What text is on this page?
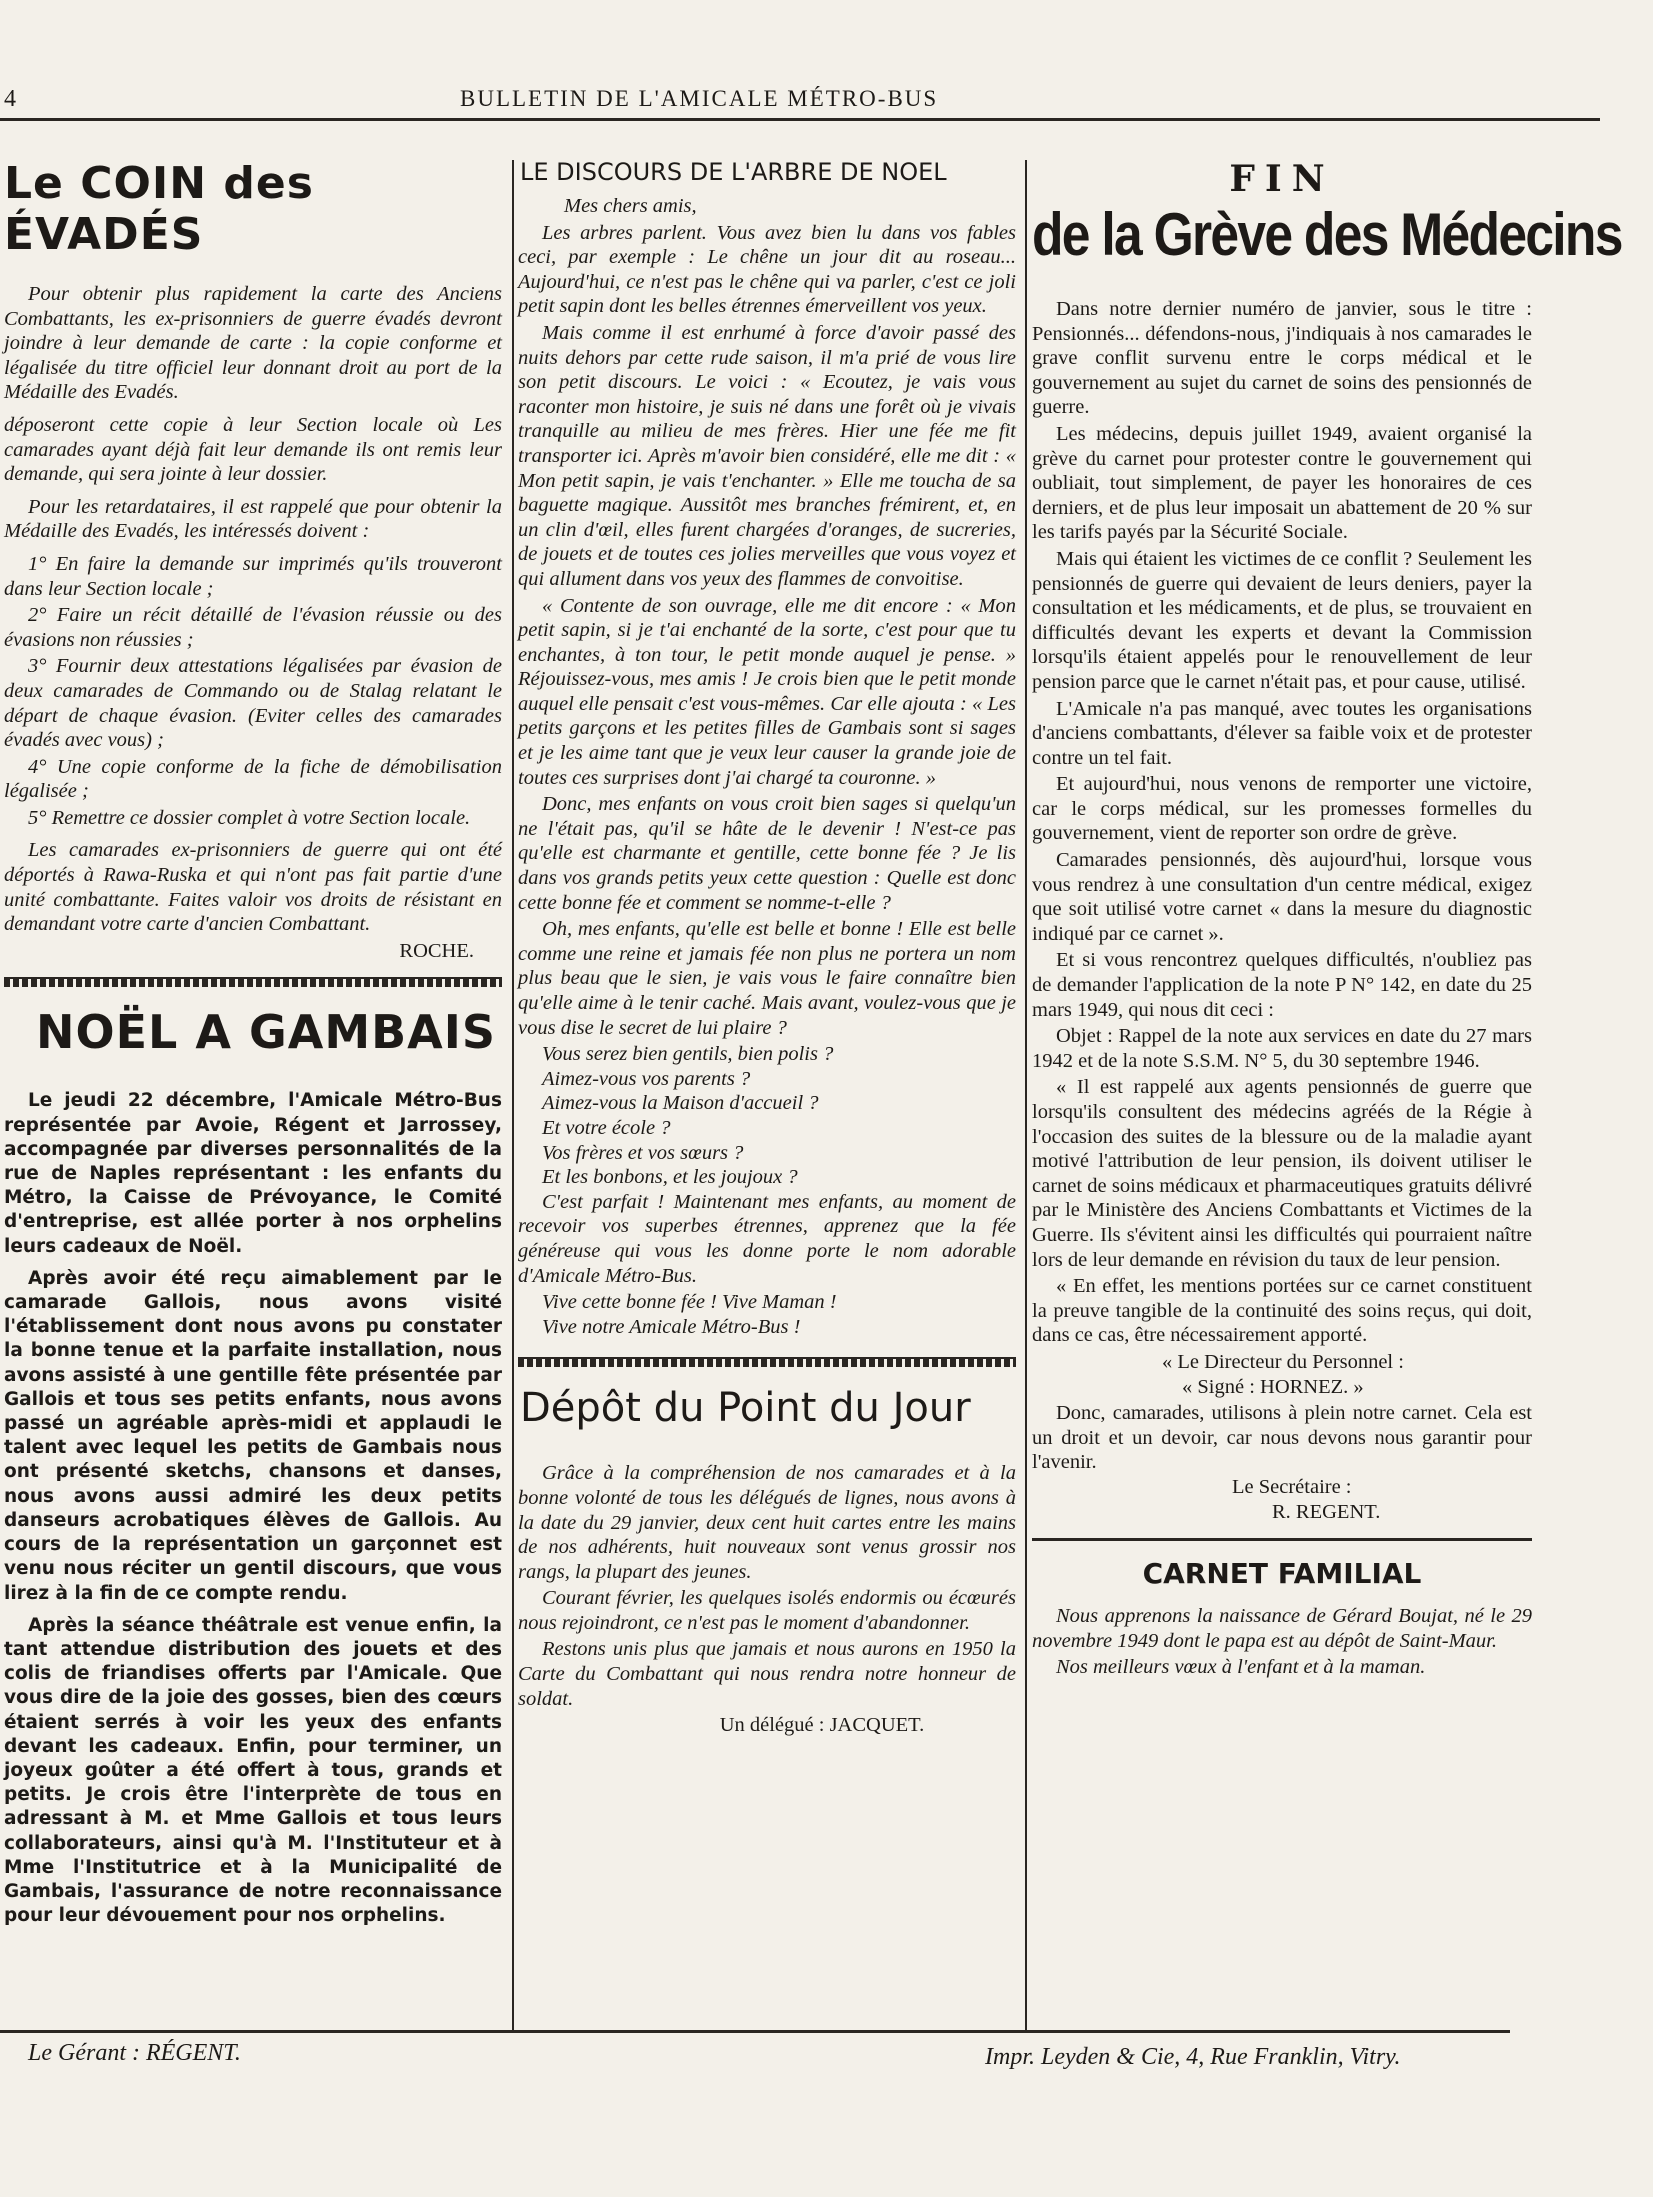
4	BULLETIN DE L'AMICALE MÉTRO-BUS
Le COIN des ÉVADÉS

Pour obtenir plus rapidement la carte des Anciens Combattants, les ex-prisonniers de guerre évadés devront joindre à leur demande de carte : la copie conforme et légalisée du titre officiel leur donnant droit au port de la Médaille des Evadés.

déposeront cette copie à leur Section locale où Les camarades ayant déjà fait leur demande ils ont remis leur demande, qui sera jointe à leur dossier.

Pour les retardataires, il est rappelé que pour obtenir la Médaille des Evadés, les intéressés doivent :

1° En faire la demande sur imprimés qu'ils trouveront dans leur Section locale ;

2° Faire un récit détaillé de l'évasion réussie ou des évasions non réussies ;

3° Fournir deux attestations légalisées par évasion de deux camarades de Commando ou de Stalag relatant le départ de chaque évasion. (Eviter celles des camarades évadés avec vous) ;

4° Une copie conforme de la fiche de démobilisation légalisée ;

5° Remettre ce dossier complet à votre Section locale.

Les camarades ex-prisonniers de guerre qui ont été déportés à Rawa-Ruska et qui n'ont pas fait partie d'une unité combattante. Faites valoir vos droits de résistant en demandant votre carte d'ancien Combattant.

ROCHE.

NOËL A GAMBAIS

Le jeudi 22 décembre, l'Amicale Métro-Bus représentée par Avoie, Régent et Jarrossey, accompagnée par diverses personnalités de la rue de Naples représentant : les enfants du Métro, la Caisse de Prévoyance, le Comité d'entreprise, est allée porter à nos orphelins leurs cadeaux de Noël.

Après avoir été reçu aimablement par le camarade Gallois, nous avons visité l'établissement dont nous avons pu constater la bonne tenue et la parfaite installation, nous avons assisté à une gentille fête présentée par Gallois et tous ses petits enfants, nous avons passé un agréable après-midi et applaudi le talent avec lequel les petits de Gambais nous ont présenté sketchs, chansons et danses, nous avons aussi admiré les deux petits danseurs acrobatiques élèves de Gallois. Au cours de la représentation un garçonnet est venu nous réciter un gentil discours, que vous lirez à la fin de ce compte rendu.

Après la séance théâtrale est venue enfin, la tant attendue distribution des jouets et des colis de friandises offerts par l'Amicale. Que vous dire de la joie des gosses, bien des cœurs étaient serrés à voir les yeux des enfants devant les cadeaux. Enfin, pour terminer, un joyeux goûter a été offert à tous, grands et petits. Je crois être l'interprète de tous en adressant à M. et Mme Gallois et tous leurs collaborateurs, ainsi qu'à M. l'Instituteur et à Mme l'Institutrice et à la Municipalité de Gambais, l'assurance de notre reconnaissance pour leur dévouement pour nos orphelins.

LE DISCOURS DE L'ARBRE DE NOEL

Mes chers amis,

Les arbres parlent. Vous avez bien lu dans vos fables ceci, par exemple : Le chêne un jour dit au roseau... Aujourd'hui, ce n'est pas le chêne qui va parler, c'est ce joli petit sapin dont les belles étrennes émerveillent vos yeux.

Mais comme il est enrhumé à force d'avoir passé des nuits dehors par cette rude saison, il m'a prié de vous lire son petit discours. Le voici : « Ecoutez, je vais vous raconter mon histoire, je suis né dans une forêt où je vivais tranquille au milieu de mes frères. Hier une fée me fit transporter ici. Après m'avoir bien considéré, elle me dit : « Mon petit sapin, je vais t'enchanter. » Elle me toucha de sa baguette magique. Aussitôt mes branches frémirent, et, en un clin d'œil, elles furent chargées d'oranges, de sucreries, de jouets et de toutes ces jolies merveilles que vous voyez et qui allument dans vos yeux des flammes de convoitise.

« Contente de son ouvrage, elle me dit encore : « Mon petit sapin, si je t'ai enchanté de la sorte, c'est pour que tu enchantes, à ton tour, le petit monde auquel je pense. » Réjouissez-vous, mes amis ! Je crois bien que le petit monde auquel elle pensait c'est vous-mêmes. Car elle ajouta : « Les petits garçons et les petites filles de Gambais sont si sages et je les aime tant que je veux leur causer la grande joie de toutes ces surprises dont j'ai chargé ta couronne. »

Donc, mes enfants on vous croit bien sages si quelqu'un ne l'était pas, qu'il se hâte de le devenir ! N'est-ce pas qu'elle est charmante et gentille, cette bonne fée ? Je lis dans vos grands petits yeux cette question : Quelle est donc cette bonne fée et comment se nomme-t-elle ?

Oh, mes enfants, qu'elle est belle et bonne ! Elle est belle comme une reine et jamais fée non plus ne portera un nom plus beau que le sien, je vais vous le faire connaître bien qu'elle aime à le tenir caché. Mais avant, voulez-vous que je vous dise le secret de lui plaire ?

Vous serez bien gentils, bien polis ?

Aimez-vous vos parents ?

Aimez-vous la Maison d'accueil ?

Et votre école ?

Vos frères et vos sœurs ?

Et les bonbons, et les joujoux ?

C'est parfait ! Maintenant mes enfants, au moment de recevoir vos superbes étrennes, apprenez que la fée généreuse qui vous les donne porte le nom adorable d'Amicale Métro-Bus.

Vive cette bonne fée ! Vive Maman !

Vive notre Amicale Métro-Bus !

Dépôt du Point du Jour

Grâce à la compréhension de nos camarades et à la bonne volonté de tous les délégués de lignes, nous avons à la date du 29 janvier, deux cent huit cartes entre les mains de nos adhérents, huit nouveaux sont venus grossir nos rangs, la plupart des jeunes.

Courant février, les quelques isolés endormis ou écœurés nous rejoindront, ce n'est pas le moment d'abandonner.

Restons unis plus que jamais et nous aurons en 1950 la Carte du Combattant qui nous rendra notre honneur de soldat.

Un délégué : JACQUET.

FIN
de la Grève des Médecins

Dans notre dernier numéro de janvier, sous le titre : Pensionnés... défendons-nous, j'indiquais à nos camarades le grave conflit survenu entre le corps médical et le gouvernement au sujet du carnet de soins des pensionnés de guerre.

Les médecins, depuis juillet 1949, avaient organisé la grève du carnet pour protester contre le gouvernement qui oubliait, tout simplement, de payer les honoraires de ces derniers, et de plus leur imposait un abattement de 20 % sur les tarifs payés par la Sécurité Sociale.

Mais qui étaient les victimes de ce conflit ? Seulement les pensionnés de guerre qui devaient de leurs deniers, payer la consultation et les médicaments, et de plus, se trouvaient en difficultés devant les experts et devant la Commission lorsqu'ils étaient appelés pour le renouvellement de leur pension parce que le carnet n'était pas, et pour cause, utilisé.

L'Amicale n'a pas manqué, avec toutes les organisations d'anciens combattants, d'élever sa faible voix et de protester contre un tel fait.

Et aujourd'hui, nous venons de remporter une victoire, car le corps médical, sur les promesses formelles du gouvernement, vient de reporter son ordre de grève.

Camarades pensionnés, dès aujourd'hui, lorsque vous vous rendrez à une consultation d'un centre médical, exigez que soit utilisé votre carnet « dans la mesure du diagnostic indiqué par ce carnet ».

Et si vous rencontrez quelques difficultés, n'oubliez pas de demander l'application de la note P N° 142, en date du 25 mars 1949, qui nous dit ceci :

Objet : Rappel de la note aux services en date du 27 mars 1942 et de la note S.S.M. N° 5, du 30 septembre 1946.

« Il est rappelé aux agents pensionnés de guerre que lorsqu'ils consultent des médecins agréés de la Régie à l'occasion des suites de la blessure ou de la maladie ayant motivé l'attribution de leur pension, ils doivent utiliser le carnet de soins médicaux et pharmaceutiques gratuits délivré par le Ministère des Anciens Combattants et Victimes de la Guerre. Ils s'évitent ainsi les difficultés qui pourraient naître lors de leur demande en révision du taux de leur pension.

« En effet, les mentions portées sur ce carnet constituent la preuve tangible de la continuité des soins reçus, qui doit, dans ce cas, être nécessairement apporté.

« Le Directeur du Personnel :

« Signé : HORNEZ. »

Donc, camarades, utilisons à plein notre carnet. Cela est un droit et un devoir, car nous devons nous garantir pour l'avenir.

Le Secrétaire :

R. REGENT.

CARNET FAMILIAL

Nous apprenons la naissance de Gérard Boujat, né le 29 novembre 1949 dont le papa est au dépôt de Saint-Maur.

Nos meilleurs vœux à l'enfant et à la maman.

Le Gérant : RÉGENT.	Impr. Leyden & Cie, 4, Rue Franklin, Vitry.
